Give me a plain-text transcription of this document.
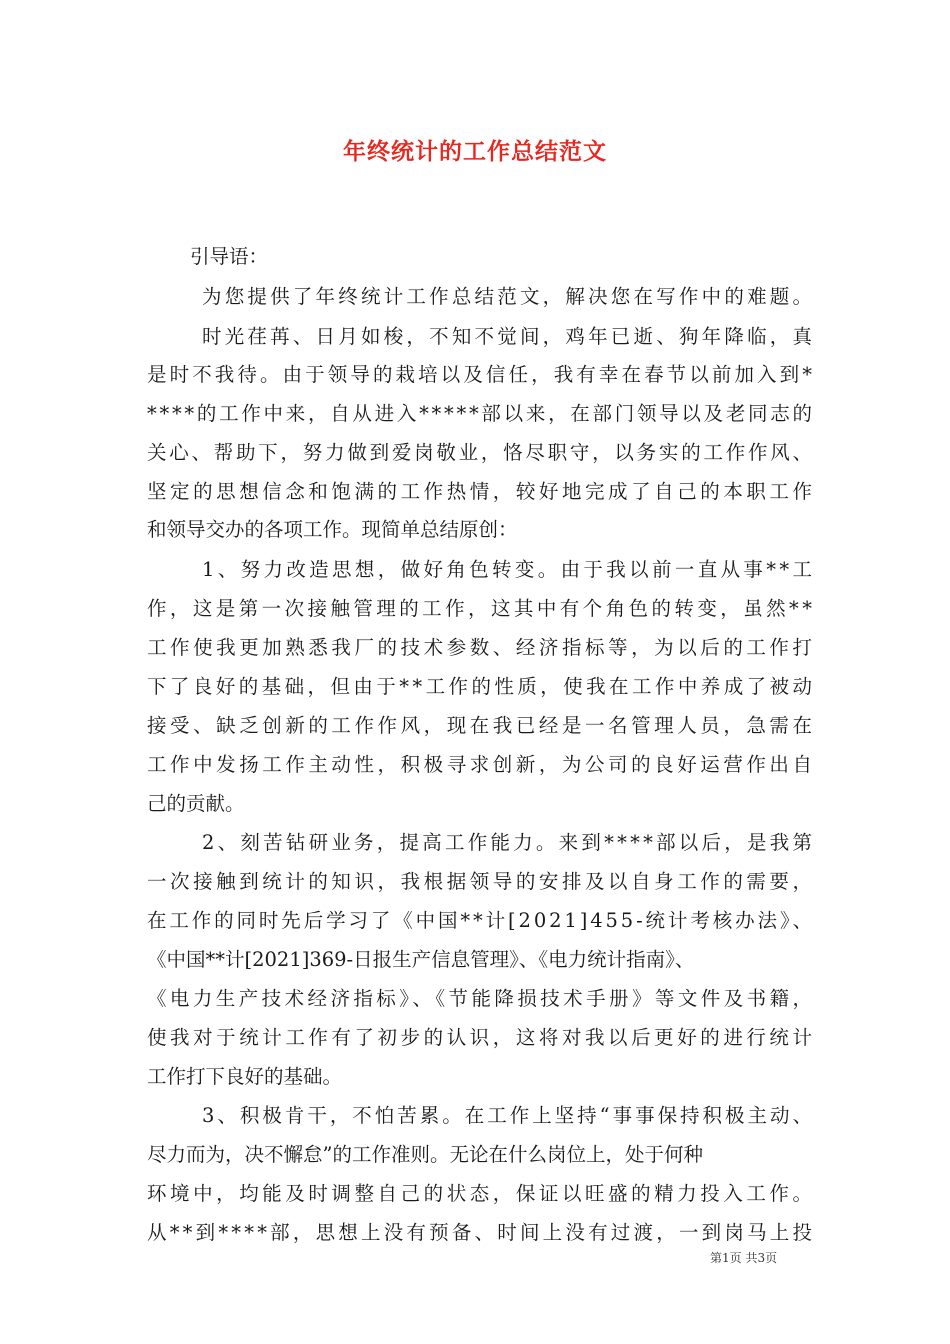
年终统计的工作总结范文
引导语：
为您提供了年终统计工作总结范文，解决您在写作中的难题。
时光荏苒、日月如梭，不知不觉间，鸡年已逝、狗年降临，真
是时不我待。由于领导的栽培以及信任，我有幸在春节以前加入到*
****的工作中来，自从进入*****部以来，在部门领导以及老同志的
关心、帮助下，努力做到爱岗敬业，恪尽职守，以务实的工作作风、
坚定的思想信念和饱满的工作热情，较好地完成了自己的本职工作
和领导交办的各项工作。现简单总结原创：
1、努力改造思想，做好角色转变。由于我以前一直从事**工
作，这是第一次接触管理的工作，这其中有个角色的转变，虽然**
工作使我更加熟悉我厂的技术参数、经济指标等，为以后的工作打
下了良好的基础，但由于**工作的性质，使我在工作中养成了被动
接受、缺乏创新的工作作风，现在我已经是一名管理人员，急需在
工作中发扬工作主动性，积极寻求创新，为公司的良好运营作出自
己的贡献。
2、刻苦钻研业务，提高工作能力。来到****部以后，是我第
一次接触到统计的知识，我根据领导的安排及以自身工作的需要，
在工作的同时先后学习了《中国**计[2021]455-统计考核办法》、
《中国**计[2021]369-日报生产信息管理》、《电力统计指南》、
《电力生产技术经济指标》、《节能降损技术手册》等文件及书籍，
使我对于统计工作有了初步的认识，这将对我以后更好的进行统计
工作打下良好的基础。
3、积极肯干，不怕苦累。在工作上坚持“事事保持积极主动、
尽力而为，决不懈怠”的工作准则。无论在什么岗位上，处于何种
环境中，均能及时调整自己的状态，保证以旺盛的精力投入工作。
从**到****部，思想上没有预备、时间上没有过渡，一到岗马上投
第1页 共3页
